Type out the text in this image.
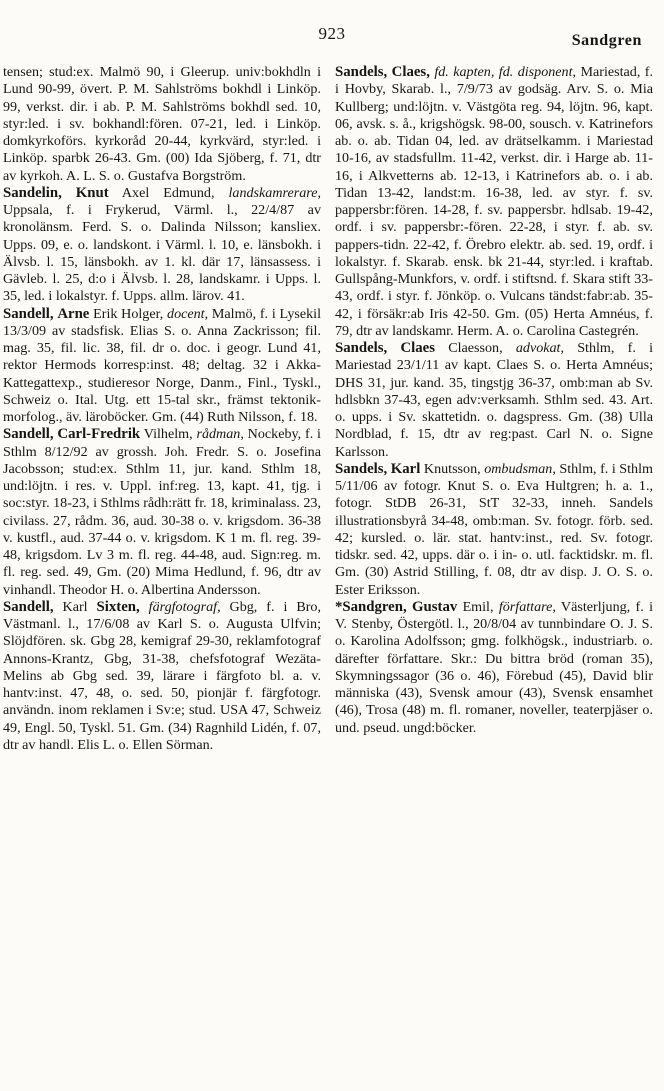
923	Sandgren

tensen; stud:ex. Malmö 90, i Gleerup. univ:bokhdln i Lund 90-99, övert. P. M. Sahlströms bokhdl i Linköp. 99, verkst. dir. i ab. P. M. Sahlströms bokhdl sed. 10, styr:led. i sv. bokhandl:fören. 07-21, led. i Linköp. domkyrkoförs. kyrkoråd 20-44, kyrkvärd, styr:led. i Linköp. sparbk 26-43. Gm. (00) Ida Sjöberg, f. 71, dtr av kyrkoh. A. L. S. o. Gustafva Borgström.

Sandelin, Knut Axel Edmund, landskamrerare, Uppsala, f. i Frykerud, Värml. l., 22/4/87 av kronolänsm. Ferd. S. o. Dalinda Nilsson; kansliex. Upps. 09, e. o. landskont. i Värml. l. 10, e. länsbokh. i Älvsb. l. 15, länsbokh. av 1. kl. där 17, länsassess. i Gävleb. l. 25, d:o i Älvsb. l. 28, landskamr. i Upps. l. 35, led. i lokalstyr. f. Upps. allm. lärov. 41.

Sandell, Arne Erik Holger, docent, Malmö, f. i Lysekil 13/3/09 av stadsfisk. Elias S. o. Anna Zackrisson; fil. mag. 35, fil. lic. 38, fil. dr o. doc. i geogr. Lund 41, rektor Hermods korresp:inst. 48; deltag. 32 i Akka-Kattegattexp., studieresor Norge, Danm., Finl., Tyskl., Schweiz o. Ital. Utg. ett 15-tal skr., främst tektonik-morfolog., äv. läroböcker. Gm. (44) Ruth Nilsson, f. 18.

Sandell, Carl-Fredrik Vilhelm, rådman, Nockeby, f. i Sthlm 8/12/92 av grossh. Joh. Fredr. S. o. Josefina Jacobsson; stud:ex. Sthlm 11, jur. kand. Sthlm 18, und:löjtn. i res. v. Uppl. inf:reg. 13, kapt. 41, tjg. i soc:styr. 18-23, i Sthlms rådh:rätt fr. 18, kriminalass. 23, civilass. 27, rådm. 36, aud. 30-38 o. v. krigsdom. 36-38 v. kustfl., aud. 37-44 o. v. krigsdom. K 1 m. fl. reg. 39-48, krigsdom. Lv 3 m. fl. reg. 44-48, aud. Sign:reg. m. fl. reg. sed. 49, Gm. (20) Mima Hedlund, f. 96, dtr av vinhandl. Theodor H. o. Albertina Andersson.

Sandell, Karl Sixten, färgfotograf, Gbg, f. i Bro, Västmanl. l., 17/6/08 av Karl S. o. Augusta Ulfvin; Slöjdfören. sk. Gbg 28, kemigraf 29-30, reklamfotograf Annons-Krantz, Gbg, 31-38, chefsfotograf Wezäta-Melins ab Gbg sed. 39, lärare i färgfoto bl. a. v. hantv:inst. 47, 48, o. sed. 50, pionjär f. färgfotogr. användn. inom reklamen i Sv:e; stud. USA 47, Schweiz 49, Engl. 50, Tyskl. 51. Gm. (34) Ragnhild Lidén, f. 07, dtr av handl. Elis L. o. Ellen Sörman.

Sandels, Claes, fd. kapten, fd. disponent, Mariestad, f. i Hovby, Skarab. l., 7/9/73 av godsäg. Arv. S. o. Mia Kullberg; und:löjtn. v. Västgöta reg. 94, löjtn. 96, kapt. 06, avsk. s. å., krigshögsk. 98-00, sousch. v. Katrinefors ab. o. ab. Tidan 04, led. av drätselkamm. i Mariestad 10-16, av stadsfullm. 11-42, verkst. dir. i Harge ab. 11-16, i Alkvetterns ab. 12-13, i Katrinefors ab. o. i ab. Tidan 13-42, landst:m. 16-38, led. av styr. f. sv. pappersbr:fören. 14-28, f. sv. pappersbr. hdlsab. 19-42, ordf. i sv. pappersbr:-fören. 22-28, i styr. f. ab. sv. pappers-tidn. 22-42, f. Örebro elektr. ab. sed. 19, ordf. i lokalstyr. f. Skarab. ensk. bk 21-44, styr:led. i kraftab. Gullspång-Munkfors, v. ordf. i stiftsnd. f. Skara stift 33-43, ordf. i styr. f. Jönköp. o. Vulcans tändst:fabr:ab. 35-42, i försäkr:ab Iris 42-50. Gm. (05) Herta Amnéus, f. 79, dtr av landskamr. Herm. A. o. Carolina Castegrén.

Sandels, Claes Claesson, advokat, Sthlm, f. i Mariestad 23/1/11 av kapt. Claes S. o. Herta Amnéus; DHS 31, jur. kand. 35, tingstjg 36-37, omb:man ab Sv. hdlsbkn 37-43, egen adv:verksamh. Sthlm sed. 43. Art. o. upps. i Sv. skattetidn. o. dagspress. Gm. (38) Ulla Nordblad, f. 15, dtr av reg:past. Carl N. o. Signe Karlsson.

Sandels, Karl Knutsson, ombudsman, Sthlm, f. i Sthlm 5/11/06 av fotogr. Knut S. o. Eva Hultgren; h. a. 1., fotogr. StDB 26-31, StT 32-33, inneh. Sandels illustrationsbyrå 34-48, omb:man. Sv. fotogr. förb. sed. 42; kursled. o. lär. stat. hantv:inst., red. Sv. fotogr. tidskr. sed. 42, upps. där o. i in- o. utl. facktidskr. m. fl. Gm. (30) Astrid Stilling, f. 08, dtr av disp. J. O. S. o. Ester Eriksson.

*Sandgren, Gustav Emil, författare, Västerljung, f. i V. Stenby, Östergötl. l., 20/8/04 av tunnbindare O. J. S. o. Karolina Adolfsson; gmg. folkhögsk., industriarb. o. därefter författare. Skr.: Du bittra bröd (roman 35), Skymningssagor (36 o. 46), Förebud (45), David blir människa (43), Svensk amour (43), Svensk ensamhet (46), Trosa (48) m. fl. romaner, noveller, teaterpjäser o. und. pseud. ungd:böcker.
